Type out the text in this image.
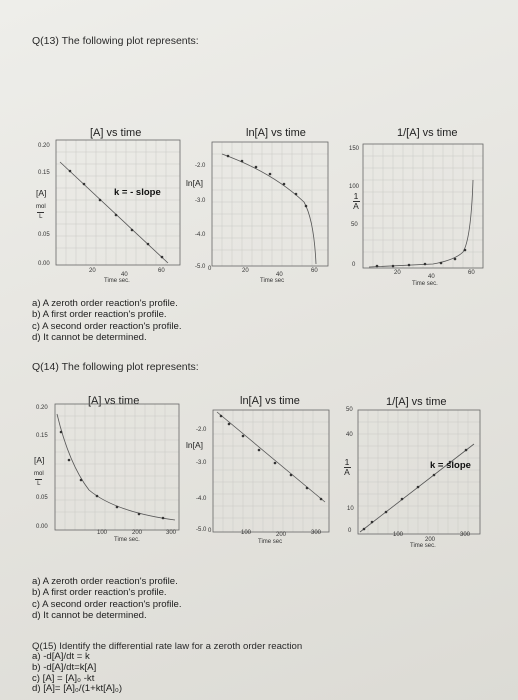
Q(13) The following plot represents:
[A] vs time
0.20
0.15
0.05
0.00
[A]
mol
L
k = - slope
20
40
60
Time sec.
ln[A] vs time
-2.0
-3.0
-4.0
-5.0
ln[A]
0	20
40
60
Time sec
1/[A] vs time
150
100
50
0
1
A
20
40
60
Time sec.
a) A zeroth order reaction's profile.
b) A first order reaction's profile.
c) A second order reaction's profile.
d) It cannot be determined.
Q(14) The following plot represents:
[A] vs time
0.20
0.15
0.05
0.00
[A]
mol
L
100	200	300
Time sec.
ln[A] vs time
-2.0
-3.0
-4.0
-5.0
ln[A]
0	100	200	300
Time sec
1/[A] vs time
50
40
10
0
1
A
k = slope
100
200
300
Time sec.
a) A zeroth order reaction's profile.
b) A first order reaction's profile.
c) A second order reaction's profile.
d) It cannot be determined.
Q(15) Identify the differential rate law for a zeroth order reaction
a) -d[A]/dt = k
b) -d[A]/dt=k[A]
c) [A] = [A]₀ -kt
d) [A]= [A]₀/(1+kt[A]₀)
